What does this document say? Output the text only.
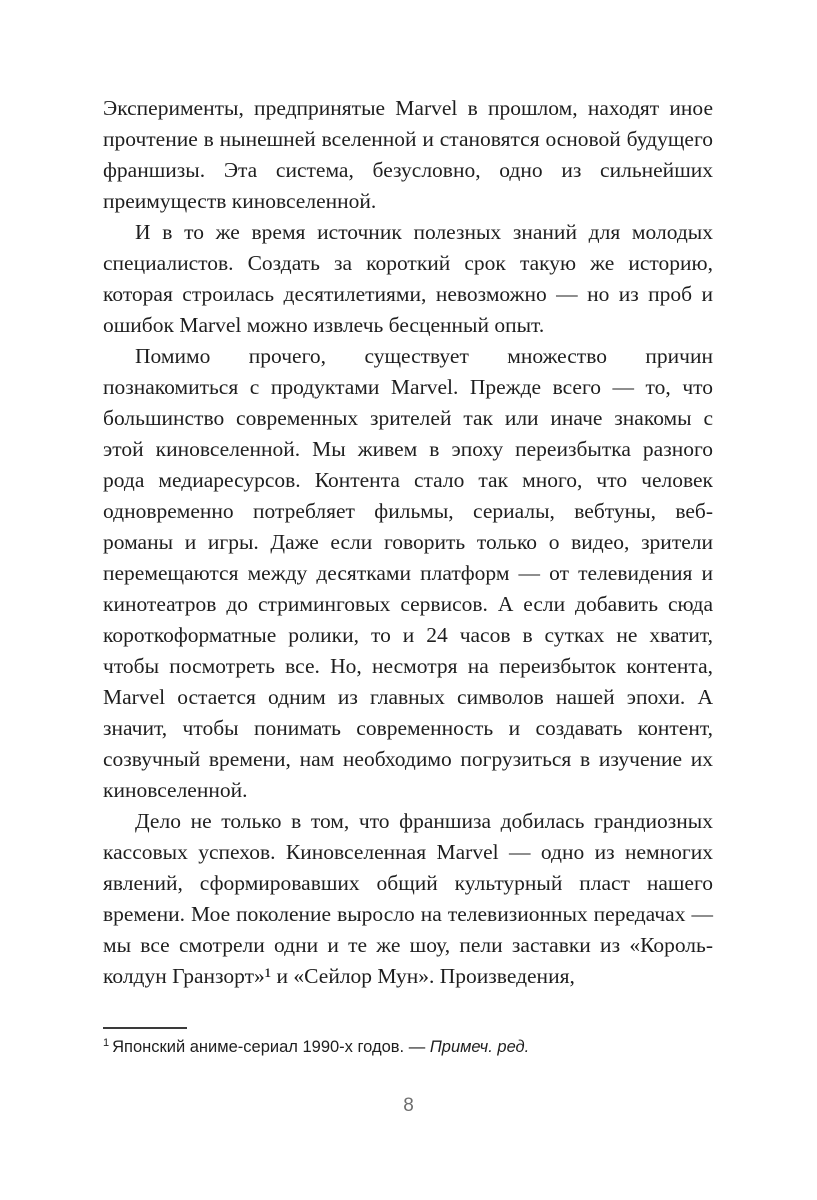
Эксперименты, предпринятые Marvel в прошлом, находят иное прочтение в нынешней вселенной и становятся основой будущего франшизы. Эта система, безусловно, одно из сильнейших преимуществ киновселенной.

И в то же время источник полезных знаний для молодых специалистов. Создать за короткий срок такую же историю, которая строилась десятилетиями, невозможно — но из проб и ошибок Marvel можно извлечь бесценный опыт.

Помимо прочего, существует множество причин познакомиться с продуктами Marvel. Прежде всего — то, что большинство современных зрителей так или иначе знакомы с этой киновселенной. Мы живем в эпоху переизбытка разного рода медиаресурсов. Контента стало так много, что человек одновременно потребляет фильмы, сериалы, вебтуны, веб-романы и игры. Даже если говорить только о видео, зрители перемещаются между десятками платформ — от телевидения и кинотеатров до стриминговых сервисов. А если добавить сюда короткоформатные ролики, то и 24 часов в сутках не хватит, чтобы посмотреть все. Но, несмотря на переизбыток контента, Marvel остается одним из главных символов нашей эпохи. А значит, чтобы понимать современность и создавать контент, созвучный времени, нам необходимо погрузиться в изучение их киновселенной.

Дело не только в том, что франшиза добилась грандиозных кассовых успехов. Киновселенная Marvel — одно из немногих явлений, сформировавших общий культурный пласт нашего времени. Мое поколение выросло на телевизионных передачах — мы все смотрели одни и те же шоу, пели заставки из «Король-колдун Гранзорт»¹ и «Сейлор Мун». Произведения,

$^1$ Японский аниме-сериал 1990-х годов. — Примеч. ред.
8
